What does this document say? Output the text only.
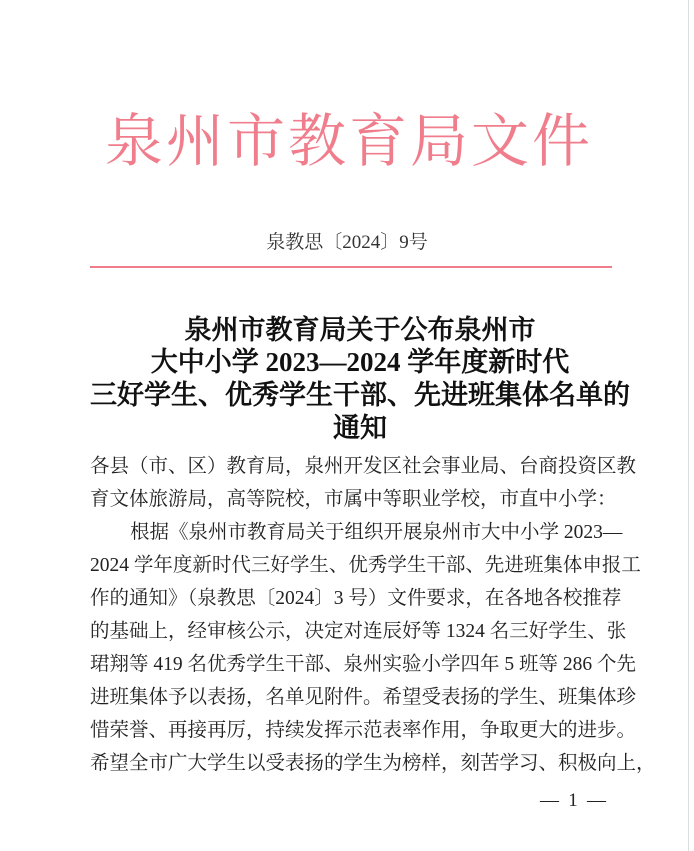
泉州市教育局文件
泉教思〔2024〕9号
泉州市教育局关于公布泉州市
大中小学 2023—2024 学年度新时代
三好学生、优秀学生干部、先进班集体名单的通知
各县（市、区）教育局，泉州开发区社会事业局、台商投资区教
育文体旅游局，高等院校，市属中等职业学校，市直中小学：
根据《泉州市教育局关于组织开展泉州市大中小学 2023—
2024 学年度新时代三好学生、优秀学生干部、先进班集体申报工
作的通知》（泉教思〔2024〕3 号）文件要求，在各地各校推荐
的基础上，经审核公示，决定对连辰妤等 1324 名三好学生、张
珺翔等 419 名优秀学生干部、泉州实验小学四年 5 班等 286 个先
进班集体予以表扬，名单见附件。希望受表扬的学生、班集体珍
惜荣誉、再接再厉，持续发挥示范表率作用，争取更大的进步。
希望全市广大学生以受表扬的学生为榜样，刻苦学习、积极向上，
— 1 —
